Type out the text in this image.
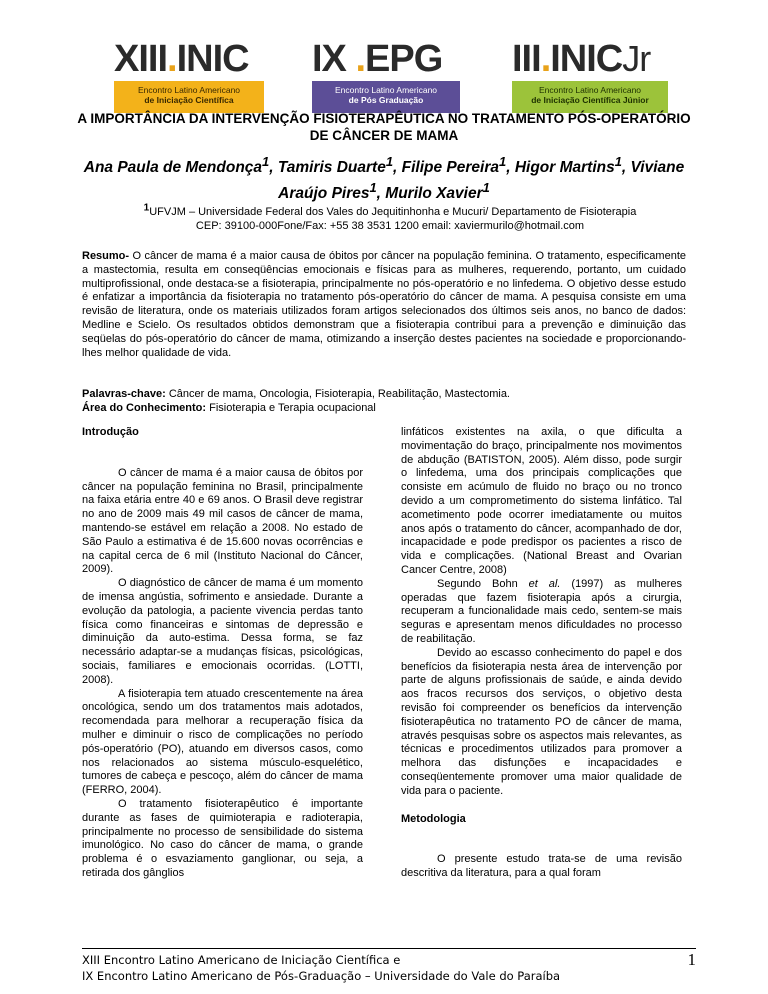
XIII.INIC
Encontro Latino Americano
de Iniciação Científica
IX .EPG
Encontro Latino Americano
de Pós Graduação
III.INICJr
Encontro Latino Americano
de Iniciação Científica Júnior
A IMPORTÂNCIA DA INTERVENÇÃO FISIOTERAPÊUTICA NO TRATAMENTO PÓS-OPERATÓRIO DE CÂNCER DE MAMA
Ana Paula de Mendonça$^1$, Tamiris Duarte$^1$, Filipe Pereira$^1$, Higor Martins$^1$, Viviane Araújo Pires$^1$, Murilo Xavier$^1$
1UFVJM – Universidade Federal dos Vales do Jequitinhonha e Mucuri/ Departamento de Fisioterapia
CEP: 39100-000Fone/Fax: +55 38 3531 1200 email: xaviermurilo@hotmail.com
Resumo- O câncer de mama é a maior causa de óbitos por câncer na população feminina. O tratamento, especificamente a mastectomia, resulta em conseqüências emocionais e físicas para as mulheres, requerendo, portanto, um cuidado multiprofissional, onde destaca-se a fisioterapia, principalmente no pós-operatório e no linfedema. O objetivo desse estudo é enfatizar a importância da fisioterapia no tratamento pós-operatório do câncer de mama. A pesquisa consiste em uma revisão de literatura, onde os materiais utilizados foram artigos selecionados dos últimos seis anos, no banco de dados: Medline e Scielo. Os resultados obtidos demonstram que a fisioterapia contribui para a prevenção e diminuição das seqüelas do pós-operatório do câncer de mama, otimizando a inserção destes pacientes na sociedade e proporcionando-lhes melhor qualidade de vida.
Palavras-chave: Câncer de mama, Oncologia, Fisioterapia, Reabilitação, Mastectomia.
Área do Conhecimento: Fisioterapia e Terapia ocupacional
Introdução

O câncer de mama é a maior causa de óbitos por câncer na população feminina no Brasil, principalmente na faixa etária entre 40 e 69 anos. O Brasil deve registrar no ano de 2009 mais 49 mil casos de câncer de mama, mantendo-se estável em relação a 2008. No estado de São Paulo a estimativa é de 15.600 novas ocorrências e na capital cerca de 6 mil (Instituto Nacional do Câncer, 2009).

O diagnóstico de câncer de mama é um momento de imensa angústia, sofrimento e ansiedade. Durante a evolução da patologia, a paciente vivencia perdas tanto física como financeiras e sintomas de depressão e diminuição da auto-estima. Dessa forma, se faz necessário adaptar-se a mudanças físicas, psicológicas, sociais, familiares e emocionais ocorridas. (LOTTI, 2008).

A fisioterapia tem atuado crescentemente na área oncológica, sendo um dos tratamentos mais adotados, recomendada para melhorar a recuperação física da mulher e diminuir o risco de complicações no período pós-operatório (PO), atuando em diversos casos, como nos relacionados ao sistema músculo-esquelético, tumores de cabeça e pescoço, além do câncer de mama (FERRO, 2004).

O tratamento fisioterapêutico é importante durante as fases de quimioterapia e radioterapia, principalmente no processo de sensibilidade do sistema imunológico. No caso do câncer de mama, o grande problema é o esvaziamento ganglionar, ou seja, a retirada dos gânglios

linfáticos existentes na axila, o que dificulta a movimentação do braço, principalmente nos movimentos de abdução (BATISTON, 2005). Além disso, pode surgir o linfedema, uma dos principais complicações que consiste em acúmulo de fluido no braço ou no tronco devido a um comprometimento do sistema linfático. Tal acometimento pode ocorrer imediatamente ou muitos anos após o tratamento do câncer, acompanhado de dor, incapacidade e pode predispor os pacientes a risco de vida e complicações. (National Breast and Ovarian Cancer Centre, 2008)

Segundo Bohn et al. (1997) as mulheres operadas que fazem fisioterapia após a cirurgia, recuperam a funcionalidade mais cedo, sentem-se mais seguras e apresentam menos dificuldades no processo de reabilitação.

Devido ao escasso conhecimento do papel e dos benefícios da fisioterapia nesta área de intervenção por parte de alguns profissionais de saúde, e ainda devido aos fracos recursos dos serviços, o objetivo desta revisão foi compreender os benefícios da intervenção fisioterapêutica no tratamento PO de câncer de mama, através pesquisas sobre os aspectos mais relevantes, as técnicas e procedimentos utilizados para promover a melhora das disfunções e incapacidades e conseqüentemente promover uma maior qualidade de vida para o paciente.

Metodologia

O presente estudo trata-se de uma revisão descritiva da literatura, para a qual foram

XIII Encontro Latino Americano de Iniciação Científica e
IX Encontro Latino Americano de Pós-Graduação – Universidade do Vale do Paraíba
1
